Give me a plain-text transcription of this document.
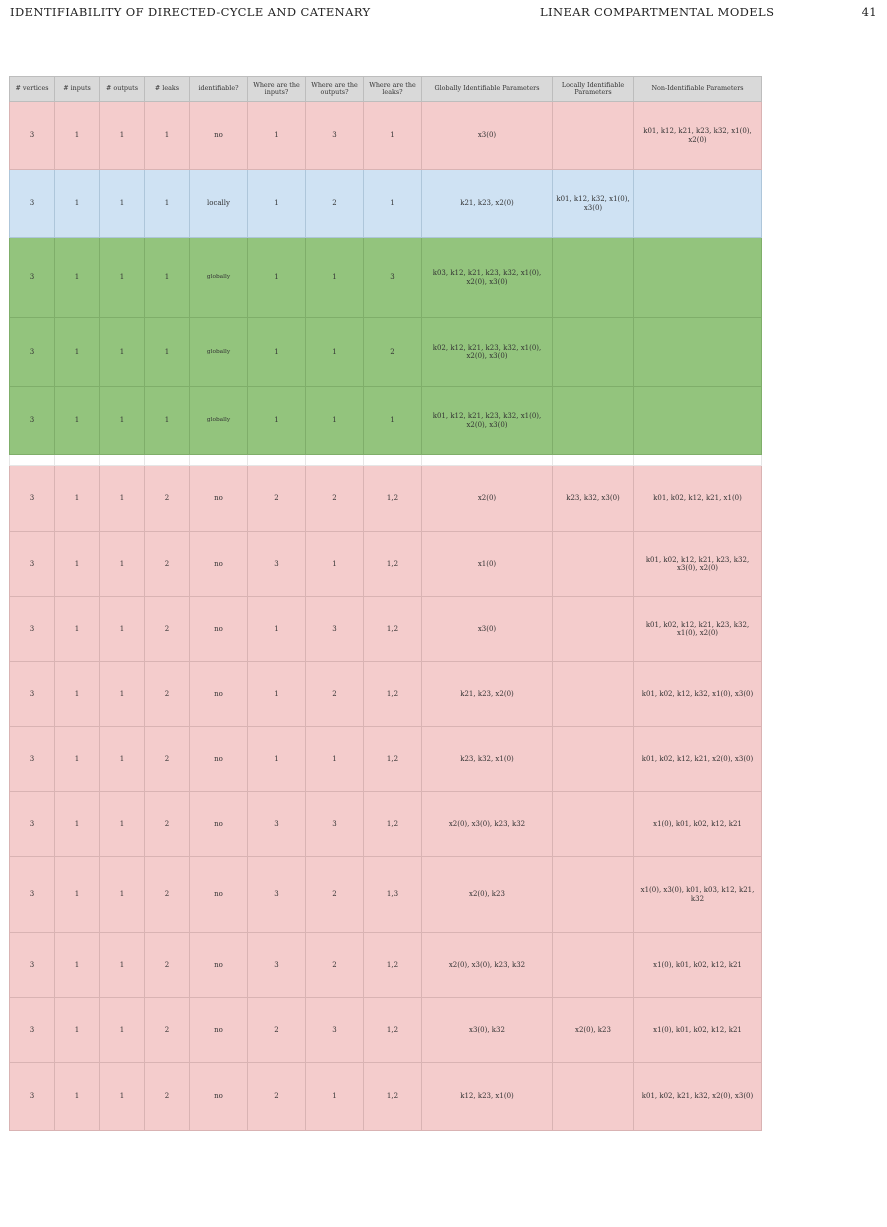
IDENTIFIABILITY OF DIRECTED-CYCLE AND CATENARY	LINEAR COMPARTMENTAL MODELS	41
# vertices	# inputs	# outputs	# leaks	identifiable?	Where are the inputs?	Where are the outputs?	Where are the leaks?	Globally Identifiable Parameters	Locally Identifiable Parameters	Non-Identifiable Parameters
3	1	1	1	no	1	3	1	x3(0)		k01, k12, k21, k23, k32, x1(0), x2(0)
3	1	1	1	locally	1	2	1	k21, k23, x2(0)	k01, k12, k32, x1(0), x3(0)	
3	1	1	1	globally	1	1	3	k03, k12, k21, k23, k32, x1(0), x2(0), x3(0)		
3	1	1	1	globally	1	1	2	k02, k12, k21, k23, k32, x1(0), x2(0), x3(0)		
3	1	1	1	globally	1	1	1	k01, k12, k21, k23, k32, x1(0), x2(0), x3(0)		

3	1	1	2	no	2	2	1,2	x2(0)	k23, k32, x3(0)	k01, k02, k12, k21, x1(0)
3	1	1	2	no	3	1	1,2	x1(0)		k01, k02, k12, k21, k23, k32, x3(0), x2(0)
3	1	1	2	no	1	3	1,2	x3(0)		k01, k02, k12, k21, k23, k32, x1(0), x2(0)
3	1	1	2	no	1	2	1,2	k21, k23, x2(0)		k01, k02, k12, k32, x1(0), x3(0)
3	1	1	2	no	1	1	1,2	k23, k32, x1(0)		k01, k02, k12, k21, x2(0), x3(0)
3	1	1	2	no	3	3	1,2	x2(0), x3(0), k23, k32		x1(0), k01, k02, k12, k21
3	1	1	2	no	3	2	1,3	x2(0), k23		x1(0), x3(0), k01, k03, k12, k21, k32
3	1	1	2	no	3	2	1,2	x2(0), x3(0), k23, k32		x1(0), k01, k02, k12, k21
3	1	1	2	no	2	3	1,2	x3(0), k32	x2(0), k23	x1(0), k01, k02, k12, k21
3	1	1	2	no	2	1	1,2	k12, k23, x1(0)		k01, k02, k21, k32, x2(0), x3(0)
